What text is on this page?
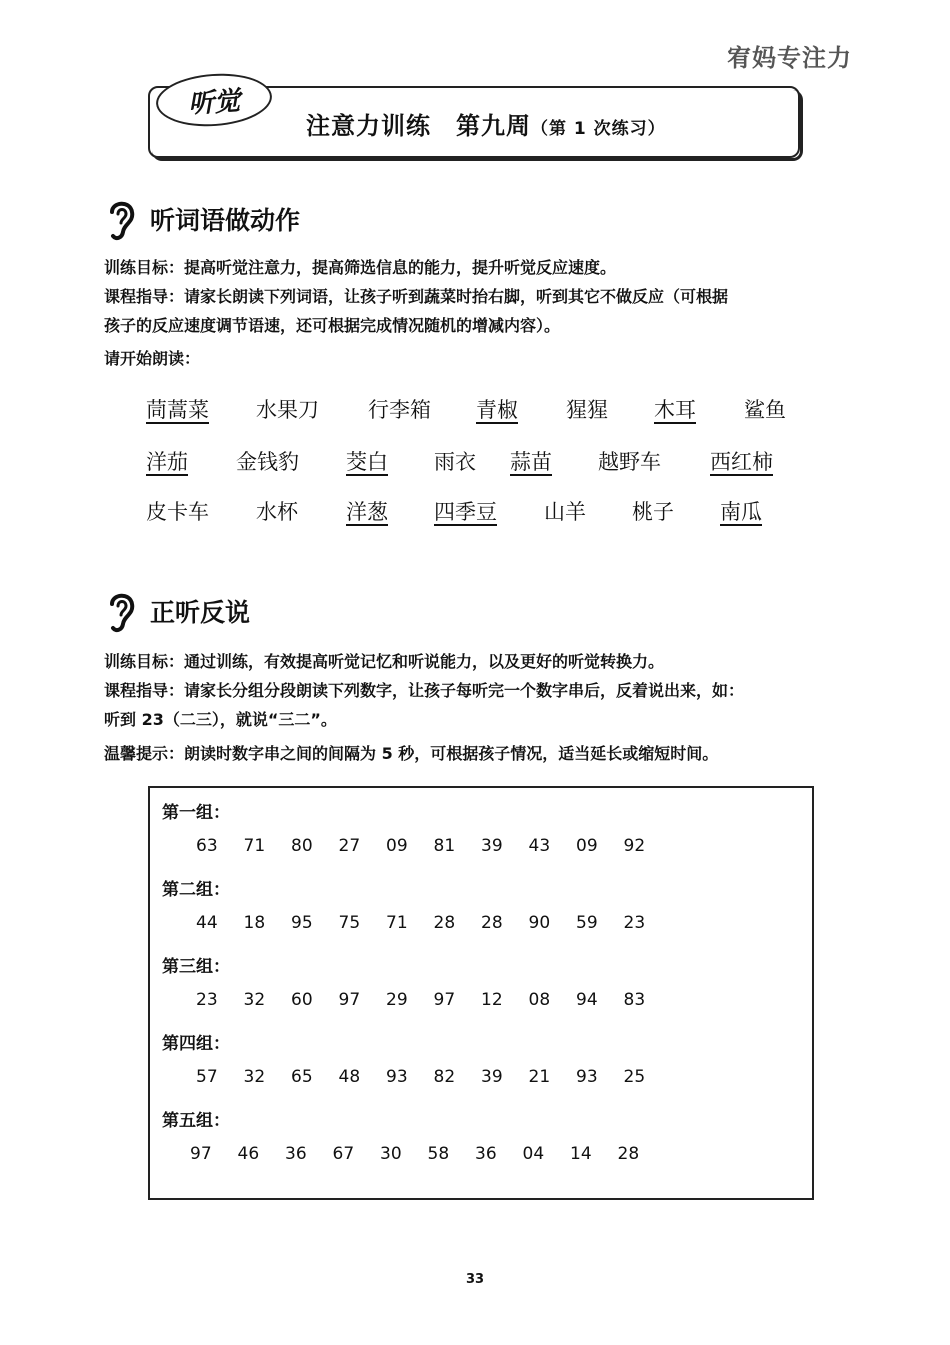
宥妈专注力
听觉
注意力训练　第九周（第 1 次练习）
听词语做动作
训练目标：提高听觉注意力，提高筛选信息的能力，提升听觉反应速度。
课程指导：请家长朗读下列词语，让孩子听到蔬菜时抬右脚，听到其它不做反应（可根据
孩子的反应速度调节语速，还可根据完成情况随机的增减内容）。
请开始朗读：
茼蒿菜 水果刀 行李箱 青椒 猩猩 木耳 鲨鱼
洋茄 金钱豹 茭白 雨衣 蒜苗 越野车 西红柿
皮卡车 水杯 洋葱 四季豆 山羊 桃子 南瓜
正听反说
训练目标：通过训练，有效提高听觉记忆和听说能力，以及更好的听觉转换力。
课程指导：请家长分组分段朗读下列数字，让孩子每听完一个数字串后，反着说出来，如：
听到 23（二三），就说“三二”。
温馨提示：朗读时数字串之间的间隔为 5 秒，可根据孩子情况，适当延长或缩短时间。
第一组：
63 71 80 27 09 81 39 43 09 92
第二组：
44 18 95 75 71 28 28 90 59 23
第三组：
23 32 60 97 29 97 12 08 94 83
第四组：
57 32 65 48 93 82 39 21 93 25
第五组：
97 46 36 67 30 58 36 04 14 28
33
